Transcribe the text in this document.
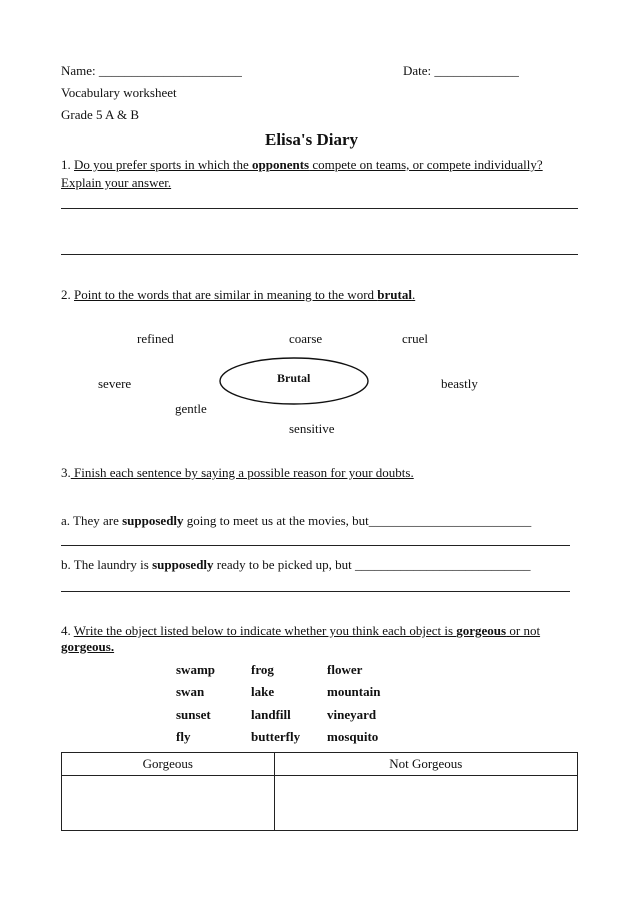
Name: ______________________	Date: _____________
Vocabulary worksheet
Grade 5 A & B
Elisa's Diary
1. Do you prefer sports in which the opponents compete on teams, or compete individually?
Explain your answer.
2. Point to the words that are similar in meaning to the word brutal.
refined	coarse	cruel
severe	beastly
gentle
sensitive
Brutal
3. Finish each sentence by saying a possible reason for your doubts.
a. They are supposedly going to meet us at the movies, but_________________________
b. The laundry is supposedly ready to be picked up, but ___________________________
4. Write the object listed below to indicate whether you think each object is gorgeous or not
gorgeous.
swamp	frog	flower
swan	lake	mountain
sunset	landfill	vineyard
fly	butterfly mosquito
Gorgeous	Not Gorgeous
